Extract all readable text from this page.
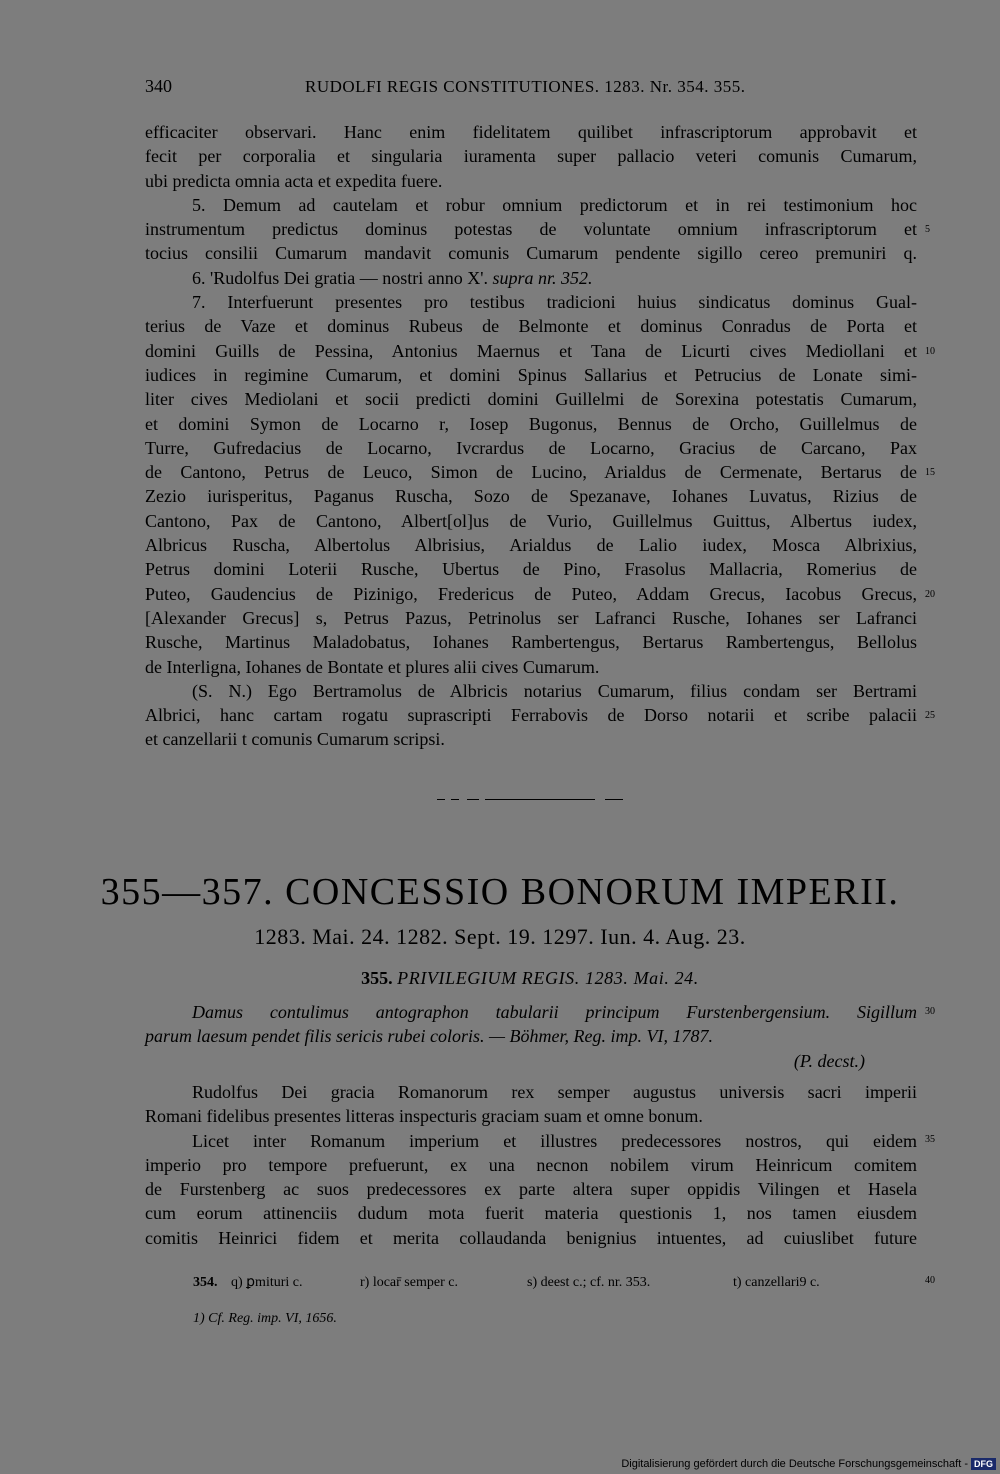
340	RUDOLFI REGIS CONSTITUTIONES. 1283. Nr. 354. 355.
efficaciter observari. Hanc enim fidelitatem quilibet infrascriptorum approbavit et
fecit per corporalia et singularia iuramenta super pallacio veteri comunis Cumarum,
ubi predicta omnia acta et expedita fuere.
5. Demum ad cautelam et robur omnium predictorum et in rei testimonium hoc
instrumentum predictus dominus potestas de voluntate omnium infrascriptorum et
tocius consilii Cumarum mandavit comunis Cumarum pendente sigillo cereo premuniri q.
6. 'Rudolfus Dei gratia — nostri anno X'. supra nr. 352.
7. Interfuerunt presentes pro testibus tradicioni huius sindicatus dominus Gual-
terius de Vaze et dominus Rubeus de Belmonte et dominus Conradus de Porta et
domini Guills de Pessina, Antonius Maernus et Tana de Licurti cives Mediollani et
iudices in regimine Cumarum, et domini Spinus Sallarius et Petrucius de Lonate simi-
liter cives Mediolani et socii predicti domini Guillelmi de Sorexina potestatis Cumarum,
et domini Symon de Locarno r, Iosep Bugonus, Bennus de Orcho, Guillelmus de
Turre, Gufredacius de Locarno, Ivcrardus de Locarno, Gracius de Carcano, Pax
de Cantono, Petrus de Leuco, Simon de Lucino, Arialdus de Cermenate, Bertarus de
Zezio iurisperitus, Paganus Ruscha, Sozo de Spezanave, Iohanes Luvatus, Rizius de
Cantono, Pax de Cantono, Albert[ol]us de Vurio, Guillelmus Guittus, Albertus iudex,
Albricus Ruscha, Albertolus Albrisius, Arialdus de Lalio iudex, Mosca Albrixius,
Petrus domini Loterii Rusche, Ubertus de Pino, Frasolus Mallacria, Romerius de
Puteo, Gaudencius de Pizinigo, Fredericus de Puteo, Addam Grecus, Iacobus Grecus,
[Alexander Grecus] s, Petrus Pazus, Petrinolus ser Lafranci Rusche, Iohanes ser Lafranci
Rusche, Martinus Maladobatus, Iohanes Rambertengus, Bertarus Rambertengus, Bellolus
de Interligna, Iohanes de Bontate et plures alii cives Cumarum.
(S. N.) Ego Bertramolus de Albricis notarius Cumarum, filius condam ser Bertrami
Albrici, hanc cartam rogatu suprascripti Ferrabovis de Dorso notarii et scribe palacii
et canzellarii t comunis Cumarum scripsi.
5
10
15
20
25
30
35
40
355—357. CONCESSIO BONORUM IMPERII.
1283. Mai. 24. 1282. Sept. 19. 1297. Iun. 4. Aug. 23.
355. PRIVILEGIUM REGIS. 1283. Mai. 24.
Damus contulimus antographon tabularii principum Furstenbergensium. Sigillum
parum laesum pendet filis sericis rubei coloris. — Böhmer, Reg. imp. VI, 1787.
(P. decst.)
Rudolfus Dei gracia Romanorum rex semper augustus universis sacri imperii
Romani fidelibus presentes litteras inspecturis graciam suam et omne bonum.
Licet inter Romanum imperium et illustres predecessores nostros, qui eidem
imperio pro tempore prefuerunt, ex una necnon nobilem virum Heinricum comitem
de Furstenberg ac suos predecessores ex parte altera super oppidis Vilingen et Hasela
cum eorum attinenciis dudum mota fuerit materia questionis 1, nos tamen eiusdem
comitis Heinrici fidem et merita collaudanda benignius intuentes, ad cuiuslibet future
354. q) ꝑmituri c.	r) locar̄ semper c.	s) deest c.; cf. nr. 353.	t) canzellari9 c.
1) Cf. Reg. imp. VI, 1656.
Digitalisierung gefördert durch die Deutsche Forschungsgemeinschaft - DFG
